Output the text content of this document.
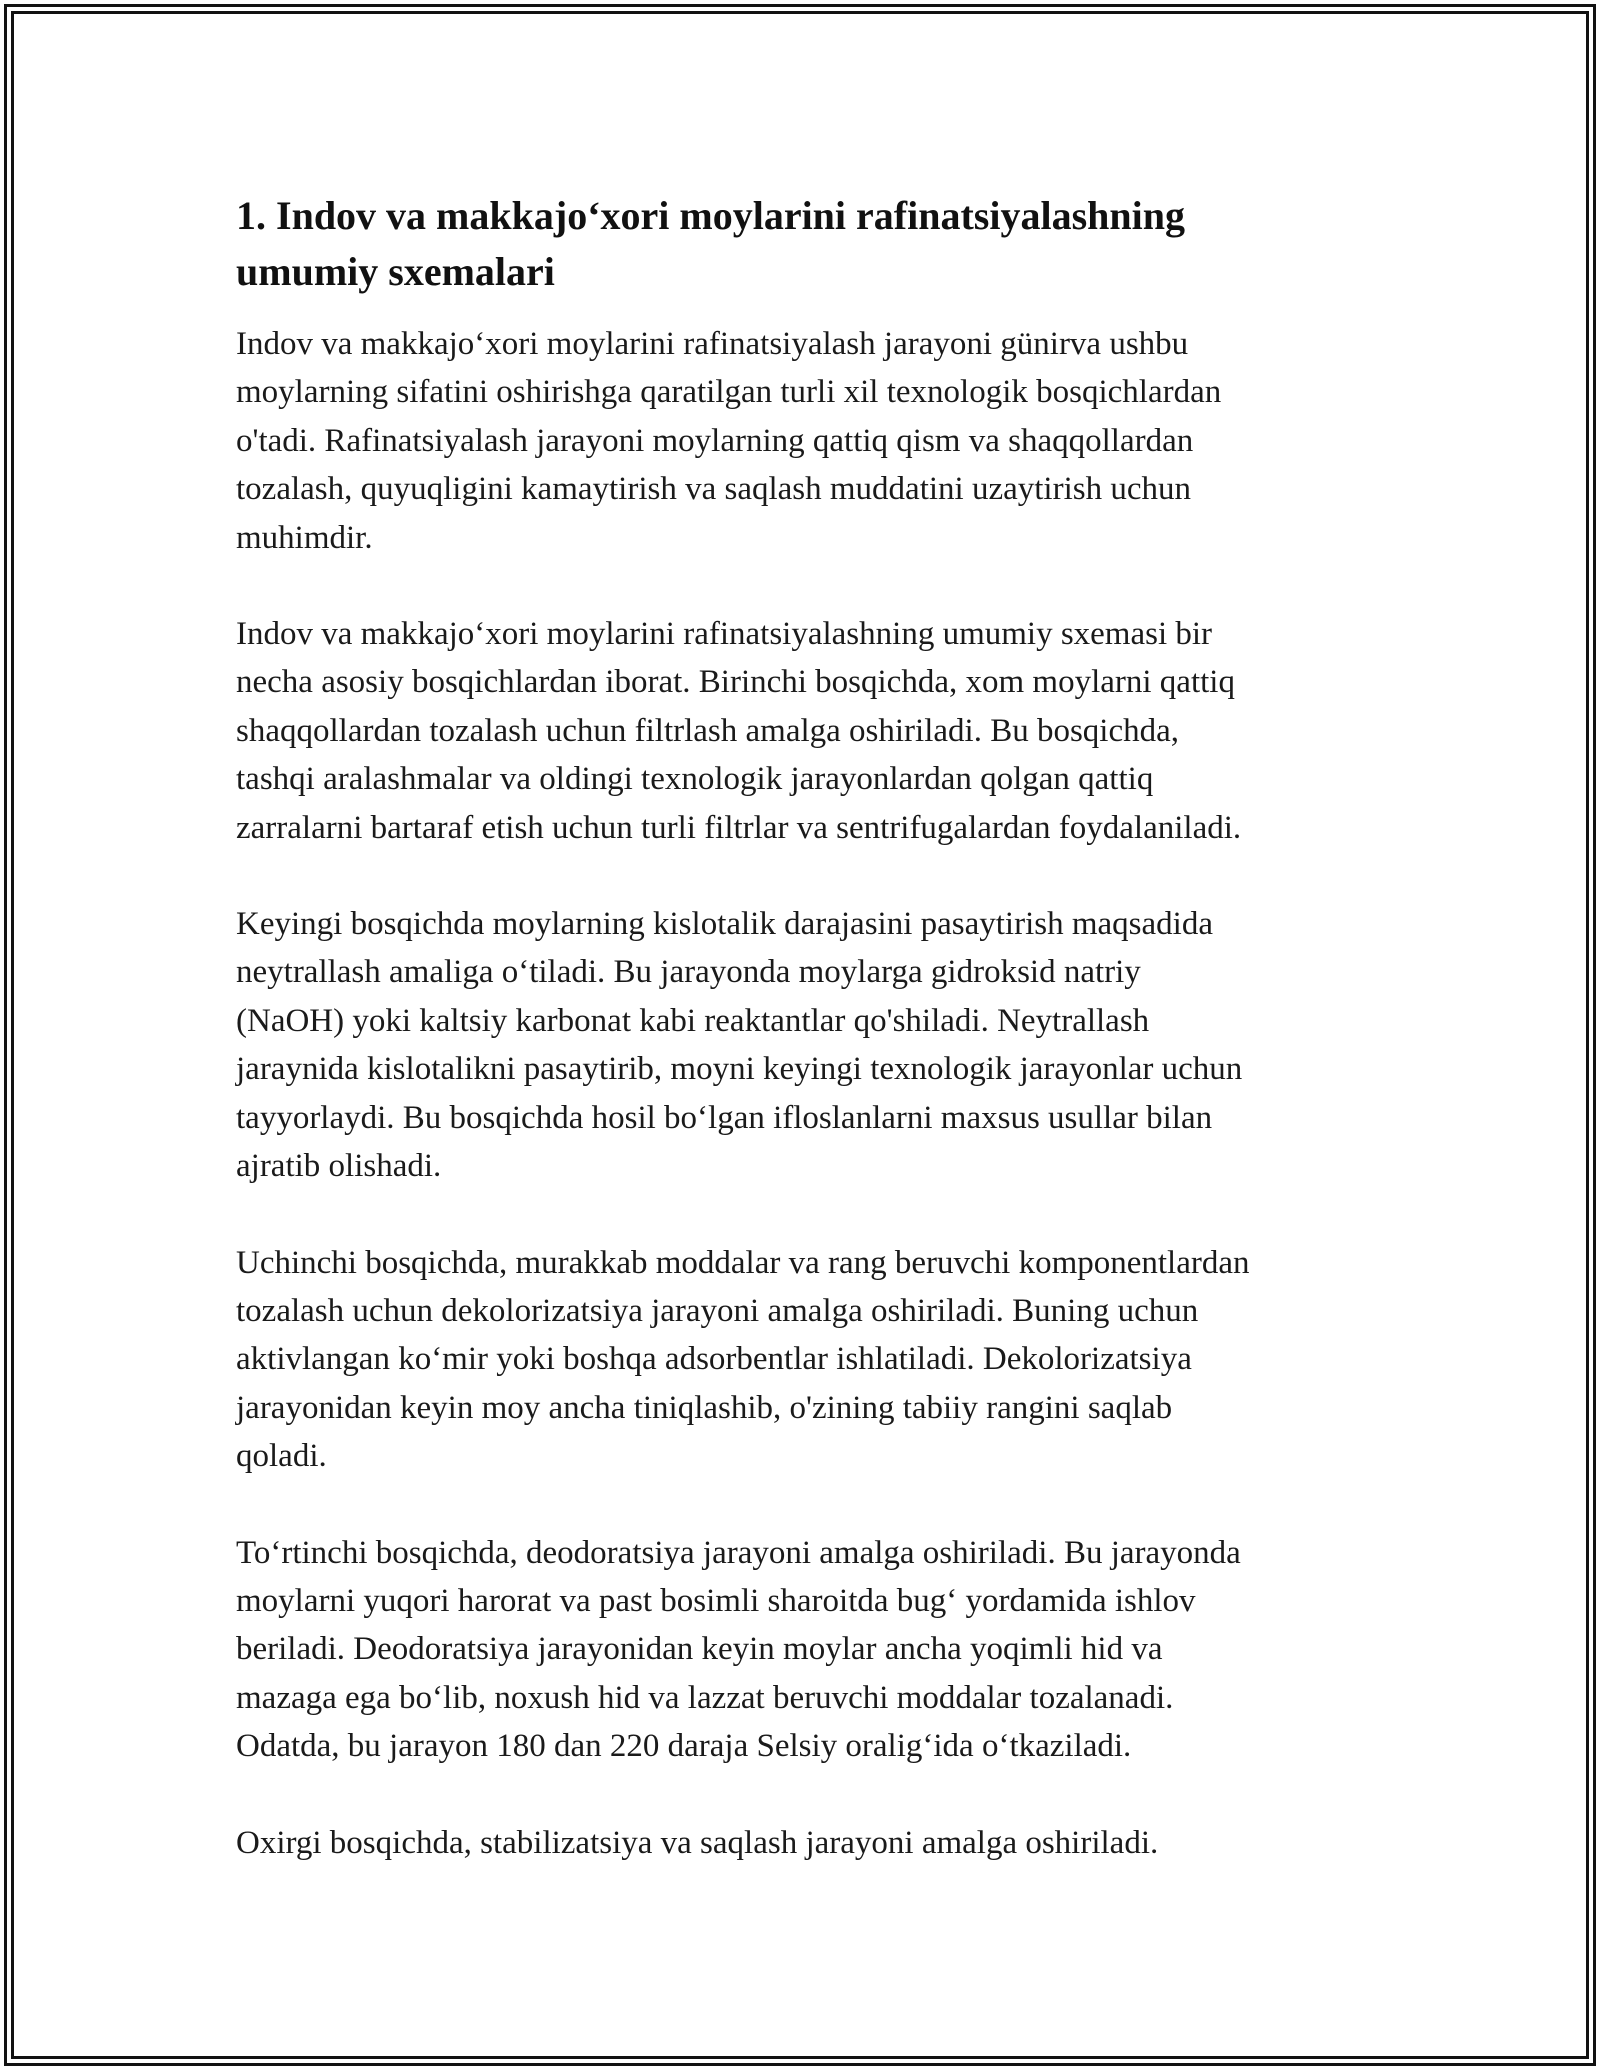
1. Indov va makkajo‘xori moylarini rafinatsiyalashning
umumiy sxemalari

Indov va makkajo‘xori moylarini rafinatsiyalash jarayoni günirva ushbu
moylarning sifatini oshirishga qaratilgan turli xil texnologik bosqichlardan
o'tadi. Rafinatsiyalash jarayoni moylarning qattiq qism va shaqqollardan
tozalash, quyuqligini kamaytirish va saqlash muddatini uzaytirish uchun
muhimdir.

Indov va makkajo‘xori moylarini rafinatsiyalashning umumiy sxemasi bir
necha asosiy bosqichlardan iborat. Birinchi bosqichda, xom moylarni qattiq
shaqqollardan tozalash uchun filtrlash amalga oshiriladi. Bu bosqichda,
tashqi aralashmalar va oldingi texnologik jarayonlardan qolgan qattiq
zarralarni bartaraf etish uchun turli filtrlar va sentrifugalardan foydalaniladi.

Keyingi bosqichda moylarning kislotalik darajasini pasaytirish maqsadida
neytrallash amaliga o‘tiladi. Bu jarayonda moylarga gidroksid natriy
(NaOH) yoki kaltsiy karbonat kabi reaktantlar qo'shiladi. Neytrallash
jaraynida kislotalikni pasaytirib, moyni keyingi texnologik jarayonlar uchun
tayyorlaydi. Bu bosqichda hosil bo‘lgan ifloslanlarni maxsus usullar bilan
ajratib olishadi.

Uchinchi bosqichda, murakkab moddalar va rang beruvchi komponentlardan
tozalash uchun dekolorizatsiya jarayoni amalga oshiriladi. Buning uchun
aktivlangan ko‘mir yoki boshqa adsorbentlar ishlatiladi. Dekolorizatsiya
jarayonidan keyin moy ancha tiniqlashib, o'zining tabiiy rangini saqlab
qoladi.

To‘rtinchi bosqichda, deodoratsiya jarayoni amalga oshiriladi. Bu jarayonda
moylarni yuqori harorat va past bosimli sharoitda bug‘ yordamida ishlov
beriladi. Deodoratsiya jarayonidan keyin moylar ancha yoqimli hid va
mazaga ega bo‘lib, noxush hid va lazzat beruvchi moddalar tozalanadi.
Odatda, bu jarayon 180 dan 220 daraja Selsiy oralig‘ida o‘tkaziladi.

Oxirgi bosqichda, stabilizatsiya va saqlash jarayoni amalga oshiriladi.
